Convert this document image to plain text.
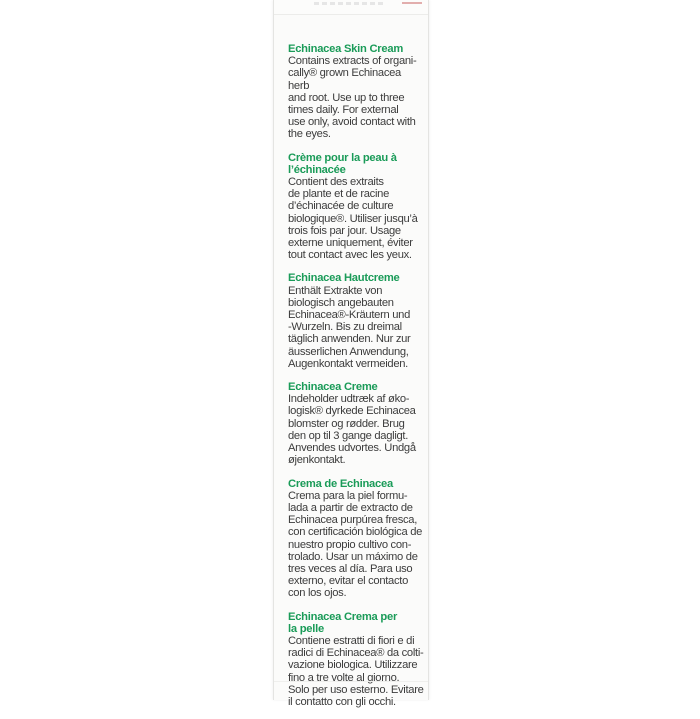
Echinacea Skin Cream
Contains extracts of organi-
cally® grown Echinacea herb
and root. Use up to three
times daily. For external
use only, avoid contact with
the eyes.
Crème pour la peau à
l’échinacée
Contient des extraits
de plante et de racine
d’échinacée de culture
biologique®. Utiliser jusqu’à
trois fois par jour. Usage
externe uniquement, éviter
tout contact avec les yeux.
Echinacea Hautcreme
Enthält Extrakte von
biologisch angebauten
Echinacea®-Kräutern und
-Wurzeln. Bis zu dreimal
täglich anwenden. Nur zur
äusserlichen Anwendung,
Augenkontakt vermeiden.
Echinacea Creme
Indeholder udtræk af øko-
logisk® dyrkede Echinacea
blomster og rødder. Brug
den op til 3 gange dagligt.
Anvendes udvortes. Undgå
øjenkontakt.
Crema de Echinacea
Crema para la piel formu-
lada a partir de extracto de
Echinacea purpúrea fresca,
con certificación biológica de
nuestro propio cultivo con-
trolado. Usar un máximo de
tres veces al día. Para uso
externo, evitar el contacto
con los ojos.
Echinacea Crema per
la pelle
Contiene estratti di fiori e di
radici di Echinacea® da colti-
vazione biologica. Utilizzare
fino a tre volte al giorno.
Solo per uso esterno. Evitare
il contatto con gli occhi.
